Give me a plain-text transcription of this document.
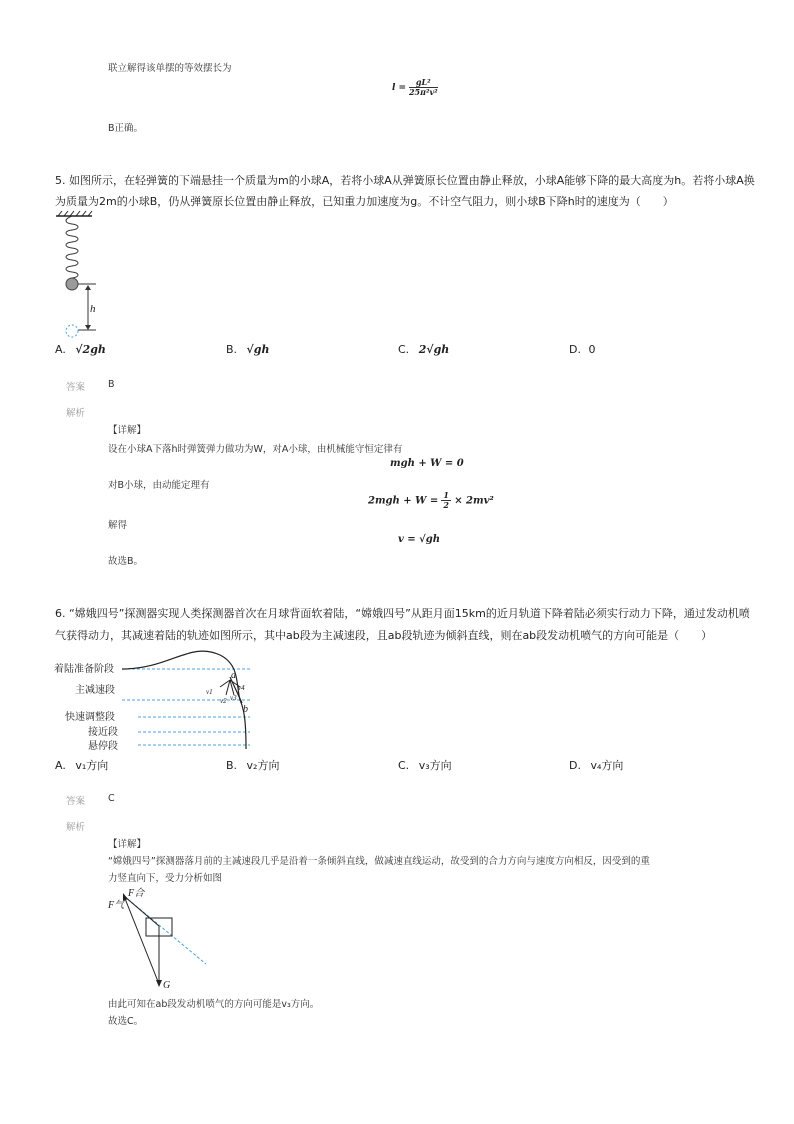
联立解得该单摆的等效摆长为
$l = \frac{\text{gL²}}{\text{25π²v²}}$
B正确。
5. 如图所示，在轻弹簧的下端悬挂一个质量为m的小球A，若将小球A从弹簧原长位置由静止释放，小球A能够下降的最大高度为h。若将小球A换
为质量为2m的小球B，仍从弹簧原长位置由静止释放，已知重力加速度为g。不计空气阻力，则小球B下降h时的速度为（　　）
h
A. √2gh	B. √gh	C. 2√gh	D. 0
答案 B
解析
【详解】
设在小球A下落h时弹簧弹力做功为W，对A小球，由机械能守恒定律有
mgh + W = 0
对B小球，由动能定理有
$2mgh + W = \frac{1}{2} \times 2mv^2$
解得
v = √gh
故选B。
6. “嫦娥四号”探测器实现人类探测器首次在月球背面软着陆，“嫦娥四号”从距月面15km的近月轨道下降着陆必须实行动力下降，通过发动机喷
气获得动力，其减速着陆的轨迹如图所示，其中ab段为主减速段，且ab段轨迹为倾斜直线，则在ab段发动机喷气的方向可能是（　　）
着陆准备阶段
主减速段
快速调整段
接近段
悬停段
a
b
v1
v2 v3
v4
A. v₁方向	B. v₂方向	C. v₃方向	D. v₄方向
答案 C
解析
【详解】
“嫦娥四号”探测器落月前的主减速段几乎是沿着一条倾斜直线，做减速直线运动，故受到的合力方向与速度方向相反，因受到的重
力竖直向下，受力分析如图
F合
F气
G
由此可知在ab段发动机喷气的方向可能是v₃方向。
故选C。
